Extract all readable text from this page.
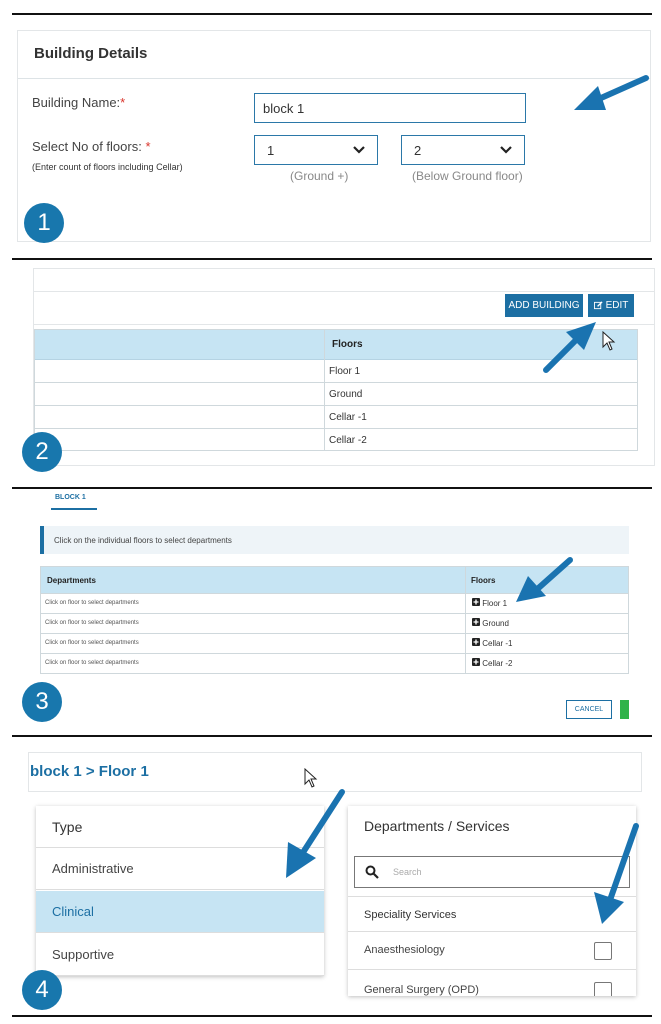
Building Details
Building Name:*	block 1
Select No of floors: *
(Enter count of floors including Cellar)
1	2
(Ground +)	(Below Ground floor)
1
ADD BUILDING	EDIT
Floors
Floor 1
Ground
Cellar -1
Cellar -2
2
BLOCK 1
Click on the individual floors to select departments
Departments	Floors
Click on floor to select departments	Floor 1
Click on floor to select departments	Ground
Click on floor to select departments	Cellar -1
Click on floor to select departments	Cellar -2
CANCEL
3
block 1 > Floor 1
Type
Administrative
Clinical
Supportive
Departments / Services
Search
Speciality Services
Anaesthesiology
General Surgery (OPD)
4
